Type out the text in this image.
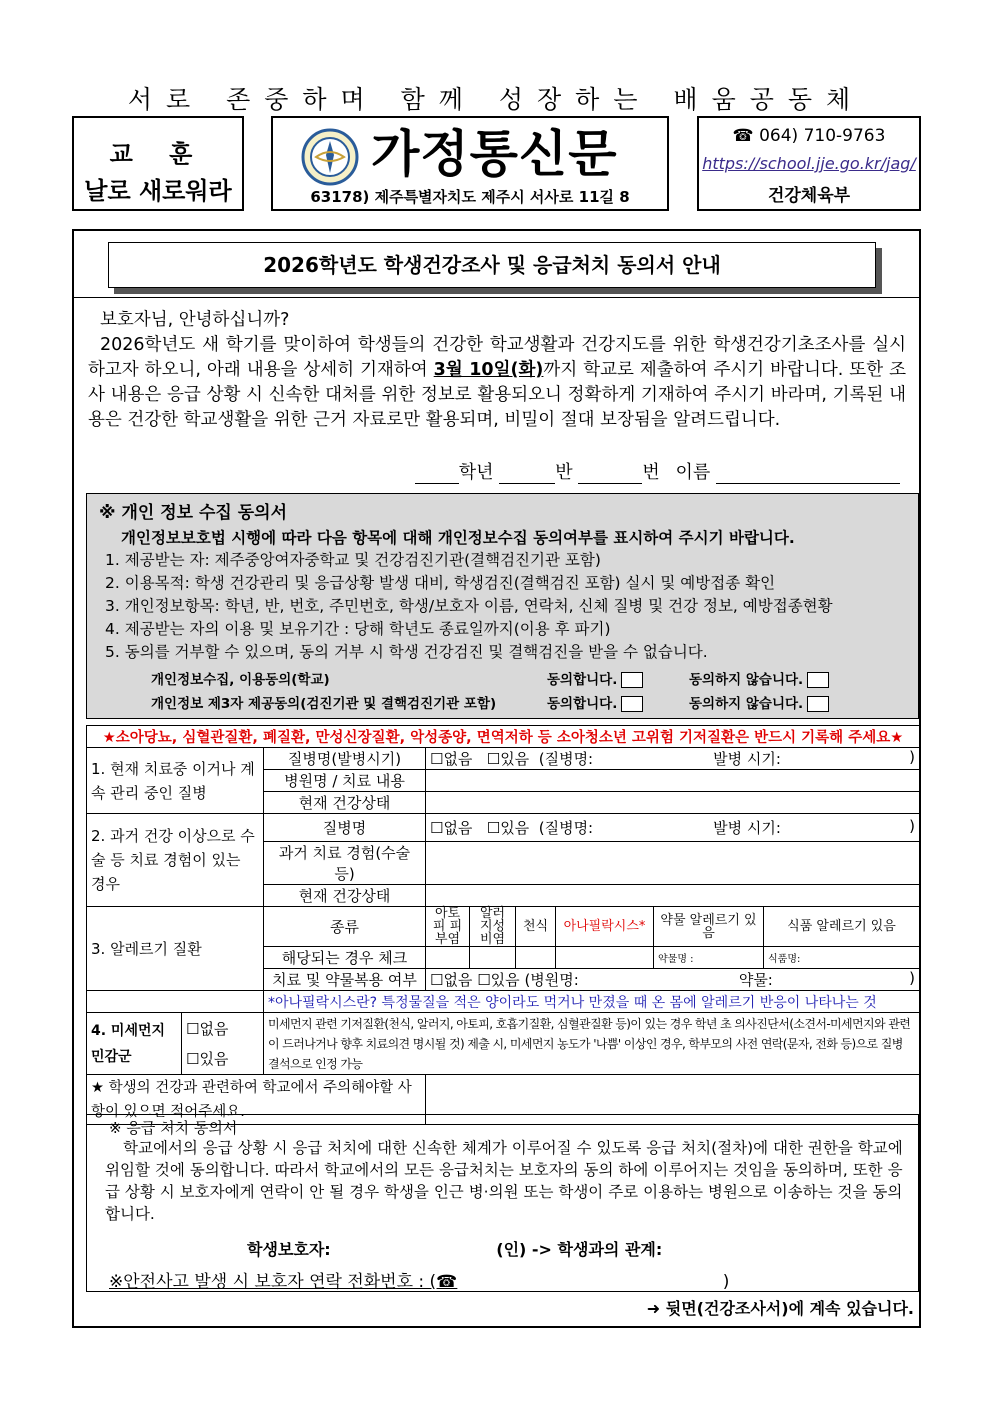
서로 존중하며 함께 성장하는 배움공동체
교 훈
날로 새로워라
가정통신문
63178) 제주특별자치도 제주시 서사로 11길 8
☎ 064) 710-9763
https://school.jje.go.kr/jag/
건강체육부
2026학년도 학생건강조사 및 응급처치 동의서 안내

보호자님, 안녕하십니까?

2026학년도 새 학기를 맞이하여 학생들의 건강한 학교생활과 건강지도를 위한 학생건강기초조사를 실시하고자 하오니, 아래 내용을 상세히 기재하여 3월 10일(화)까지 학교로 제출하여 주시기 바랍니다. 또한 조사 내용은 응급 상황 시 신속한 대처를 위한 정보로 활용되오니 정확하게 기재하여 주시기 바라며, 기록된 내용은 건강한 학교생활을 위한 근거 자료로만 활용되며, 비밀이 절대 보장됨을 알려드립니다.

학년	반	번 이름
※ 개인 정보 수집 동의서
개인정보보호법 시행에 따라 다음 항목에 대해 개인정보수집 동의여부를 표시하여 주시기 바랍니다.
1. 제공받는 자: 제주중앙여자중학교 및 건강검진기관(결핵검진기관 포함)
2. 이용목적: 학생 건강관리 및 응급상황 발생 대비, 학생검진(결핵검진 포함) 실시 및 예방접종 확인
3. 개인정보항목: 학년, 반, 번호, 주민번호, 학생/보호자 이름, 연락처, 신체 질병 및 건강 정보, 예방접종현황
4. 제공받는 자의 이용 및 보유기간 : 당해 학년도 종료일까지(이용 후 파기)
5. 동의를 거부할 수 있으며, 동의 거부 시 학생 건강검진 및 결핵검진을 받을 수 없습니다.
개인정보수집, 이용동의(학교)	동의합니다.	동의하지 않습니다.
개인정보 제3자 제공동의(검진기관 및 결핵검진기관 포함)	동의합니다.	동의하지 않습니다.
★소아당뇨, 심혈관질환, 폐질환, 만성신장질환, 악성종양, 면역저하 등 소아청소년 고위험 기저질환은 반드시 기록해 주세요★								
1. 현재 치료중 이거나 계속 관리 중인 질병		질병명(발병시기)	☐없음 ☐있음 (질병명: 발병 시기: )					

		병원명 / 치료 내용						
		현재 건강상태						
2. 과거 건강 이상으로 수술 등 치료 경험이 있는 경우		질병명	☐없음 ☐있음 (질병명: 발병 시기: )					

		과거 치료 경험(수술 등)						
		현재 건강상태						
3. 알레르기 질환		종류	아토피 피부염	알러지성 비염	천식	아나필락시스*	약물 알레르기 있음	식품 알레르기 있음
		해당되는 경우 체크					약물명 :	식품명:
		치료 및 약물복용 여부	☐없음 ☐있음 (병원명: 약물: )					

		*아나필락시스란? 특정물질을 적은 양이라도 먹거나 만졌을 때 온 몸에 알레르기 반응이 나타나는 것						
4. 미세먼지 민감군	☐없음
☐있음	미세먼지 관련 기저질환(천식, 알러지, 아토피, 호흡기질환, 심혈관질환 등)이 있는 경우 학년 초 의사진단서(소견서-미세먼지와 관련이 드러나거나 향후 치료의견 명시될 것) 제출 시, 미세먼지 농도가 '나쁨' 이상인 경우, 학부모의 사전 연락(문자, 전화 등)으로 질병 결석으로 인정 가능						
★ 학생의 건강과 관련하여 학교에서 주의해야할 사항이 있으면 적어주세요.								
※ 응급 처치 동의서
학교에서의 응급 상황 시 응급 처치에 대한 신속한 체계가 이루어질 수 있도록 응급 처치(절차)에 대한 권한을 학교에 위임할 것에 동의합니다. 따라서 학교에서의 모든 응급처치는 보호자의 동의 하에 이루어지는 것임을 동의하며, 또한 응급 상황 시 보호자에게 연락이 안 될 경우 학생을 인근 병·의원 또는 학생이 주로 이용하는 병원으로 이송하는 것을 동의합니다.
학생보호자:	(인) -> 학생과의 관계:
※안전사고 발생 시 보호자 연락 전화번호 : (☎	)
➜ 뒷면(건강조사서)에 계속 있습니다.
